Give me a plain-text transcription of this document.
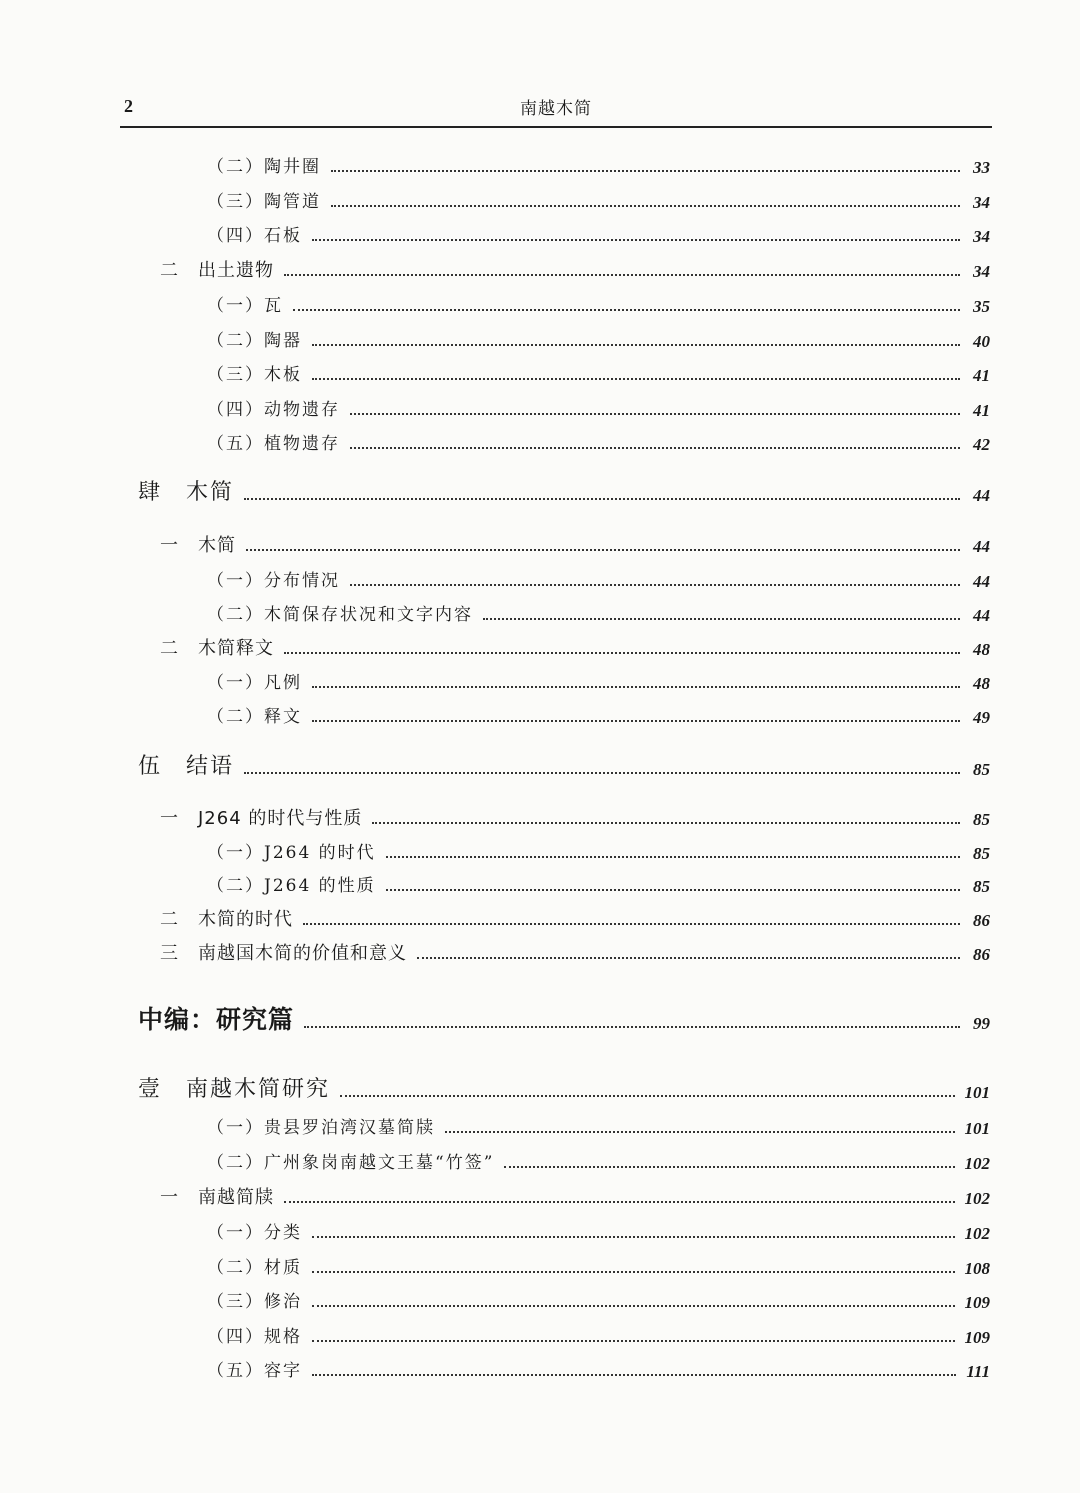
2	南越木简
（二）陶井圈	33
（三）陶管道	34
（四）石板	34
二　出土遗物	34
（一）瓦	35
（二）陶器	40
（三）木板	41
（四）动物遗存	41
（五）植物遗存	42
肆　木简	44
一　木简	44
（一）分布情况	44
（二）木简保存状况和文字内容	44
二　木简释文	48
（一）凡例	48
（二）释文	49
伍　结语	85
一　J264 的时代与性质	85
（一）J264 的时代	85
（二）J264 的性质	85
二　木简的时代	86
三　南越国木简的价值和意义	86
中编：研究篇	99
壹　南越木简研究	101
（一）贵县罗泊湾汉墓简牍	101
（二）广州象岗南越文王墓“竹签”	102
一　南越简牍	102
（一）分类	102
（二）材质	108
（三）修治	109
（四）规格	109
（五）容字	111
